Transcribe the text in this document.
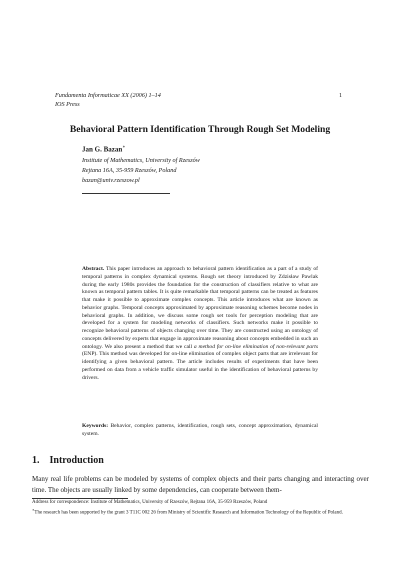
Fundamenta Informaticae XX (2006) 1–14
IOS Press
1
Behavioral Pattern Identification Through Rough Set Modeling
Jan G. Bazan∗
Institute of Mathematics, University of Rzeszów
Rejtana 16A, 35-959 Rzeszów, Poland
bazan@univ.rzeszow.pl
Abstract. This paper introduces an approach to behavioral pattern identification as a part of a study of temporal patterns in complex dynamical systems. Rough set theory introduced by Zdzisław Pawlak during the early 1980s provides the foundation for the construction of classifiers relative to what are known as temporal pattern tables. It is quite remarkable that temporal patterns can be treated as features that make it possible to approximate complex concepts. This article introduces what are known as behavior graphs. Temporal concepts approximated by approximate reasoning schemes become nodes in behavioral graphs. In addition, we discuss some rough set tools for perception modeling that are developed for a system for modeling networks of classifiers. Such networks make it possible to recognize behavioral patterns of objects changing over time. They are constructed using an ontology of concepts delivered by experts that engage in approximate reasoning about concepts embedded in such an ontology. We also present a method that we call a method for on-line elimination of non-relevant parts (ENP). This method was developed for on-line elimination of complex object parts that are irrelevant for identifying a given behavioral pattern. The article includes results of experiments that have been performed on data from a vehicle traffic simulator useful in the identification of behavioral patterns by drivers.
Keywords: Behavior, complex patterns, identification, rough sets, concept approximation, dynamical system.
1. Introduction
Many real life problems can be modeled by systems of complex objects and their parts changing and interacting over time. The objects are usually linked by some dependencies, can cooperate between them-

Address for correspondence: Institute of Mathematics, University of Rzeszów, Rejtana 16A, 35-959 Rzeszów, Poland

∗The research has been supported by the grant 3 T11C 002 26 from Ministry of Scientific Research and Information Technology of the Republic of Poland.
